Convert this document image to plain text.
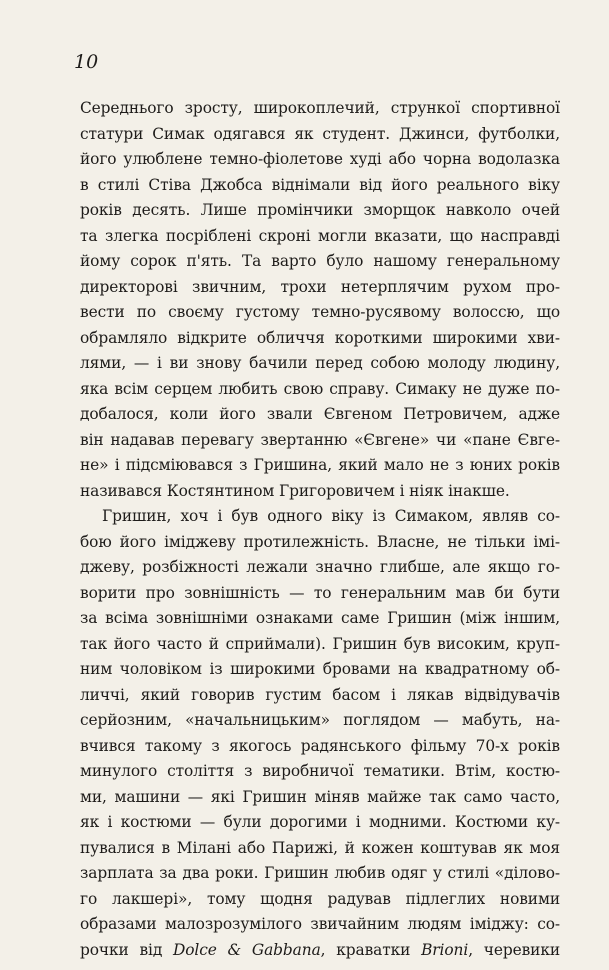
10
Середнього зросту, широкоплечий, стрункої спортивної
статури Симак одягався як студент. Джинси, футболки,
його улюблене темно-фіолетове худі або чорна водолазка
в стилі Стіва Джобса віднімали від його реального віку
років десять. Лише промінчики зморщок навколо очей
та злегка посріблені скроні могли вказати, що насправді
йому сорок п'ять. Та варто було нашому генеральному
директорові звичним, трохи нетерплячим рухом про-
вести по своєму густому темно-русявому волоссю, що
обрамляло відкрите обличчя короткими широкими хви-
лями, — і ви знову бачили перед собою молоду людину,
яка всім серцем любить свою справу. Симаку не дуже по-
добалося, коли його звали Євгеном Петровичем, адже
він надавав перевагу звертанню «Євгене» чи «пане Євге-
не» і підсміювався з Гришина, який мало не з юних років
називався Костянтином Григоровичем і ніяк інакше.
Гришин, хоч і був одного віку із Симаком, являв со-
бою його іміджеву протилежність. Власне, не тільки імі-
джеву, розбіжності лежали значно глибше, але якщо го-
ворити про зовнішність — то генеральним мав би бути
за всіма зовнішніми ознаками саме Гришин (між іншим,
так його часто й сприймали). Гришин був високим, круп-
ним чоловіком із широкими бровами на квадратному об-
личчі, який говорив густим басом і лякав відвідувачів
серйозним, «начальницьким» поглядом — мабуть, на-
вчився такому з якогось радянського фільму 70-х років
минулого століття з виробничої тематики. Втім, костю-
ми, машини — які Гришин міняв майже так само часто,
як і костюми — були дорогими і модними. Костюми ку-
пувалися в Мілані або Парижі, й кожен коштував як моя
зарплата за два роки. Гришин любив одяг у стилі «ділово-
го лакшері», тому щодня радував підлеглих новими
образами малозрозумілого звичайним людям іміджу: со-
рочки від Dolce & Gabbana, краватки Brioni, черевики
